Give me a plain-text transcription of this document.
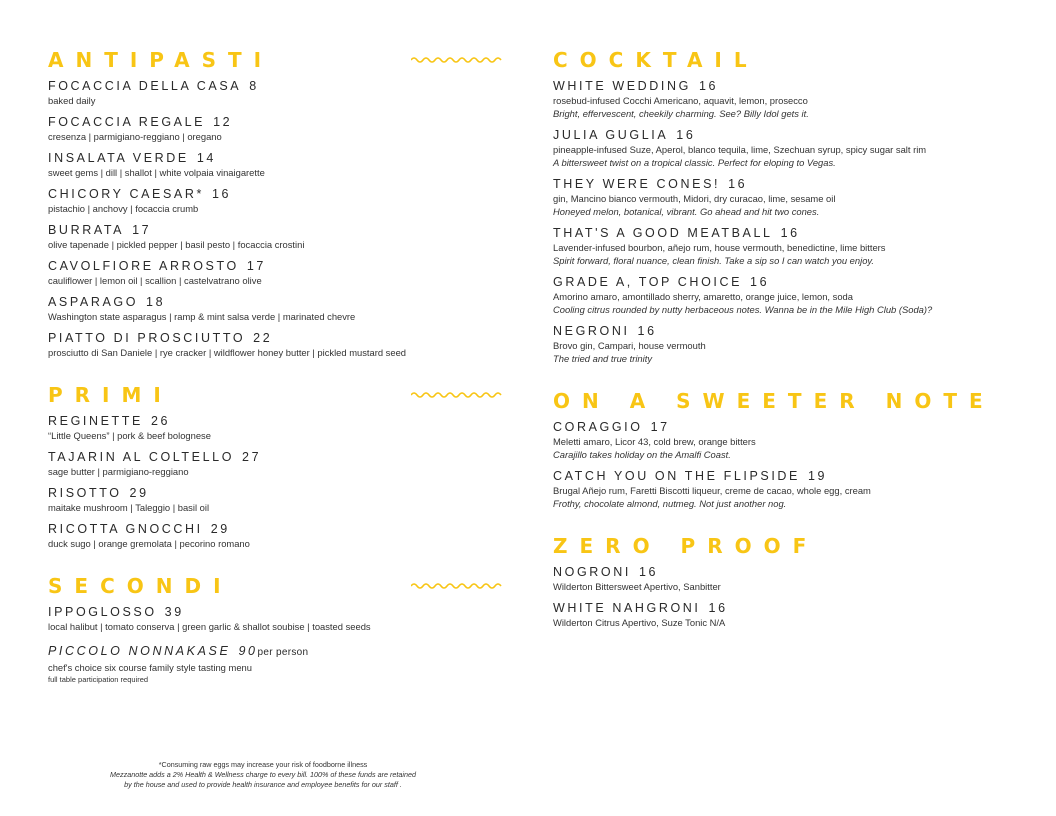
ANTIPASTI
FOCACCIA DELLA CASA 8
baked daily
FOCACCIA REGALE 12
cresenza | parmigiano-reggiano | oregano
INSALATA VERDE 14
sweet gems | dill | shallot | white volpaia vinaigarette
CHICORY CAESAR* 16
pistachio | anchovy | focaccia crumb
BURRATA 17
olive tapenade | pickled pepper | basil pesto | focaccia crostini
CAVOLFIORE ARROSTO 17
cauliflower | lemon oil | scallion | castelvatrano olive
ASPARAGO 18
Washington state asparagus | ramp & mint salsa verde | marinated chevre
PIATTO DI PROSCIUTTO 22
prosciutto di San Daniele | rye cracker | wildflower honey butter | pickled mustard seed
PRIMI
REGINETTE 26
“Little Queens” | pork & beef bolognese
TAJARIN AL COLTELLO 27
sage butter | parmigiano-reggiano
RISOTTO 29
maitake mushroom | Taleggio | basil oil
RICOTTA GNOCCHI 29
duck sugo | orange gremolata | pecorino romano
SECONDI
IPPOGLOSSO 39
local halibut | tomato conserva | green garlic & shallot soubise | toasted seeds
PICCOLO NONNAKASE 90per person
chef's choice six course family style tasting menu
full table participation required
*Consuming raw eggs may increase your risk of foodborne illness
Mezzanotte adds a 2% Health & Wellness charge to every bill. 100% of these funds are retained
by the house and used to provide health insurance and employee benefits for our staff .
COCKTAIL
WHITE WEDDING 16
rosebud-infused Cocchi Americano, aquavit, lemon, prosecco
Bright, effervescent, cheekily charming. See? Billy Idol gets it.
JULIA GUGLIA 16
pineapple-infused Suze, Aperol, blanco tequila, lime, Szechuan syrup, spicy sugar salt rim
A bittersweet twist on a tropical classic. Perfect for eloping to Vegas.
THEY WERE CONES! 16
gin, Mancino bianco vermouth, Midori, dry curacao, lime, sesame oil
Honeyed melon, botanical, vibrant. Go ahead and hit two cones.
THAT'S A GOOD MEATBALL 16
Lavender-infused bourbon, añejo rum, house vermouth, benedictine, lime bitters
Spirit forward, floral nuance, clean finish. Take a sip so I can watch you enjoy.
GRADE A, TOP CHOICE 16
Amorino amaro, amontillado sherry, amaretto, orange juice, lemon, soda
Cooling citrus rounded by nutty herbaceous notes. Wanna be in the Mile High Club (Soda)?
NEGRONI 16
Brovo gin, Campari, house vermouth
The tried and true trinity
ON A SWEETER NOTE
CORAGGIO 17
Meletti amaro, Licor 43, cold brew, orange bitters
Carajillo takes holiday on the Amalfi Coast.
CATCH YOU ON THE FLIPSIDE 19
Brugal Añejo rum, Faretti Biscotti liqueur, creme de cacao, whole egg, cream
Frothy, chocolate almond, nutmeg. Not just another nog.
ZERO PROOF
NOGRONI 16
Wilderton Bittersweet Apertivo, Sanbitter
WHITE NAHGRONI 16
Wilderton Citrus Apertivo, Suze Tonic N/A
